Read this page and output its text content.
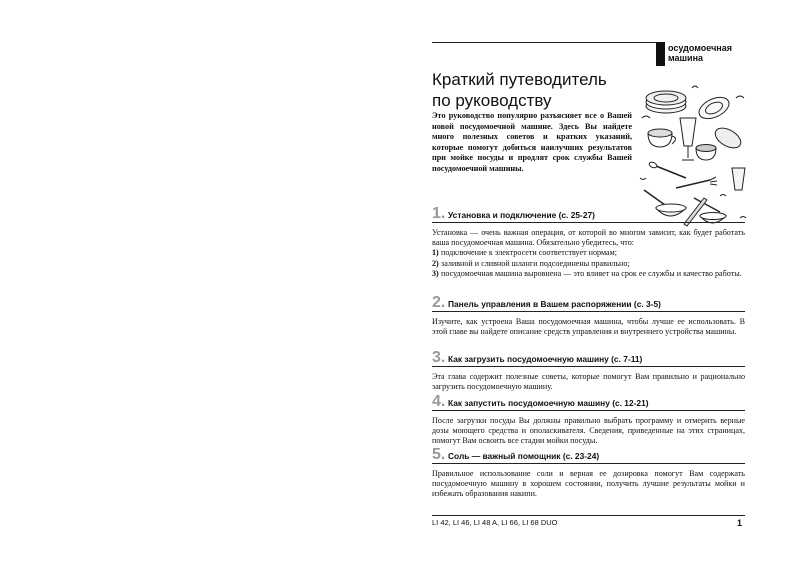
осудомоечная
машина
Краткий путеводитель
по руководству
Это руководство популярно разъясняет все о Вашей новой посудомоечной машине. Здесь Вы найдете много полезных советов и кратких указаний, которые помогут добиться наилучших результатов при мойке посуды и продлят срок службы Вашей посудомоечной машины.
1. Установка и подключение (с. 25-27)

Установка — очень важная операция, от которой во многом зависит, как будет работать ваша посудомоечная машина. Обязательно убедитесь, что:

1) подключение к электросети соответствует нормам;
2) заливной и сливной шланги подсоединены правильно;
3) посудомоечная машина выровнена — это влияет на срок ее службы и качество работы.
2. Панель управления в Вашем распоряжении (с. 3-5)
Изучите, как устроена Ваша посудомоечная машина, чтобы лучше ее использовать. В этой главе вы найдете описание средств управления и внутреннего устройства машины.
3. Как загрузить посудомоечную машину (с. 7-11)
Эта глава содержит полезные советы, которые помогут Вам правильно и рационально загрузить посудомоечную машину.
4. Как запустить посудомоечную машину (с. 12-21)
После загрузки посуды Вы должны правильно выбрать программу и отмерить верные дозы моющего средства и ополаскивателя. Сведения, приведенные на этих страницах, помогут Вам освоить все стадии мойки посуды.
5. Соль — важный помощник (с. 23-24)
Правильное использование соли и верная ее дозировка помогут Вам содержать посудомоечную машину в хорошем состоянии, получить лучшие результаты мойки и избежать образования накипи.
LI 42, LI 46, LI 48 A, LI 66, LI 68 DUO	1
